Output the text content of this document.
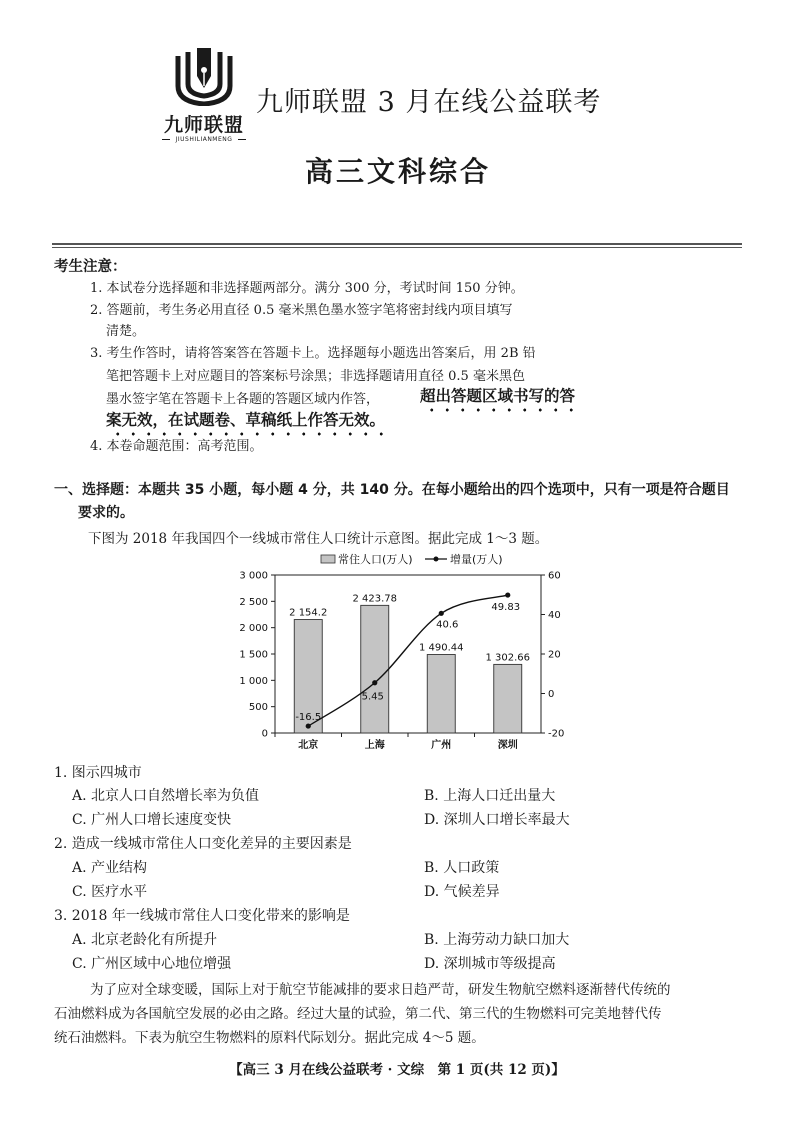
九师联盟
JIUSHILIANMENG
九师联盟 3 月在线公益联考
高三文科综合
考生注意：
1. 本试卷分选择题和非选择题两部分。满分 300 分，考试时间 150 分钟。
2. 答题前，考生务必用直径 0.5 毫米黑色墨水签字笔将密封线内项目填写
清楚。
3. 考生作答时，请将答案答在答题卡上。选择题每小题选出答案后，用 2B 铅
笔把答题卡上对应题目的答案标号涂黑；非选择题请用直径 0.5 毫米黑色
墨水签字笔在答题卡上各题的答题区域内作答，	超出答题区域书写的答
案无效，在试题卷、草稿纸上作答无效。
4. 本卷命题范围：高考范围。
一、选择题：本题共 35 小题，每小题 4 分，共 140 分。在每小题给出的四个选项中，只有一项是符合题目
要求的。
下图为 2018 年我国四个一线城市常住人口统计示意图。据此完成 1～3 题。
常住人口(万人)	增量(万人)
3 000
2 500
2 000
1 500
1 000
500
0
60
40
20
0
-20
2 154.2
北京
2 423.78
上海
1 490.44
广州
1 302.66
深圳
-16.5
5.45
40.6
49.83
1. 图示四城市
A. 北京人口自然增长率为负值	B. 上海人口迁出量大
C. 广州人口增长速度变快	D. 深圳人口增长率最大
2. 造成一线城市常住人口变化差异的主要因素是
A. 产业结构	B. 人口政策
C. 医疗水平	D. 气候差异
3. 2018 年一线城市常住人口变化带来的影响是
A. 北京老龄化有所提升	B. 上海劳动力缺口加大
C. 广州区域中心地位增强	D. 深圳城市等级提高
为了应对全球变暖，国际上对于航空节能减排的要求日趋严苛，研发生物航空燃料逐渐替代传统的
石油燃料成为各国航空发展的必由之路。经过大量的试验，第二代、第三代的生物燃料可完美地替代传
统石油燃料。下表为航空生物燃料的原料代际划分。据此完成 4～5 题。
【高三 3 月在线公益联考 · 文综　第 1 页(共 12 页)】
